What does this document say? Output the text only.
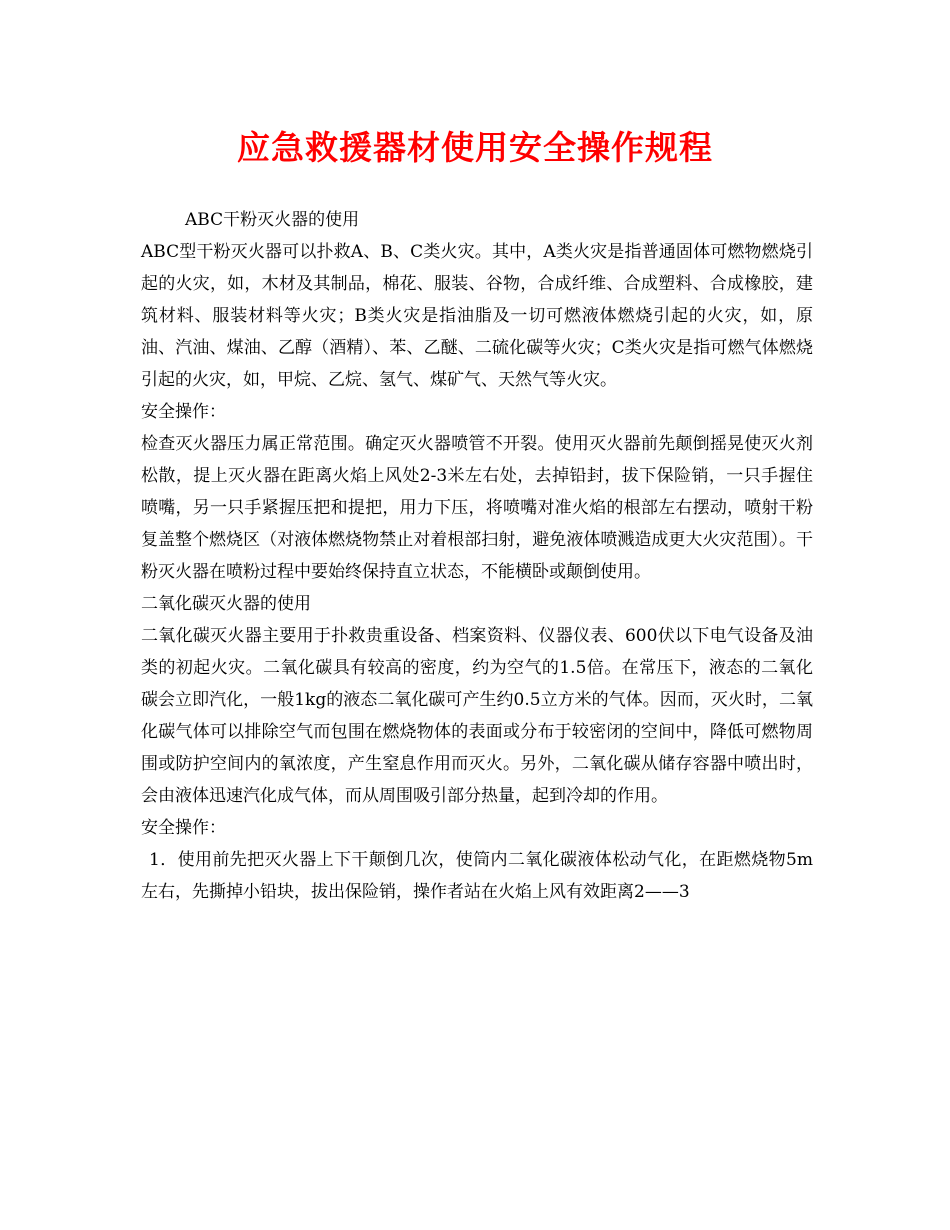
应急救援器材使用安全操作规程

ABC干粉灭火器的使用

ABC型干粉灭火器可以扑救A、B、C类火灾。其中，A类火灾是指普通固体可燃物燃烧引起的火灾，如，木材及其制品，棉花、服装、谷物，合成纤维、合成塑料、合成橡胶，建筑材料、服装材料等火灾；B类火灾是指油脂及一切可燃液体燃烧引起的火灾，如，原油、汽油、煤油、乙醇（酒精）、苯、乙醚、二硫化碳等火灾；C类火灾是指可燃气体燃烧引起的火灾，如，甲烷、乙烷、氢气、煤矿气、天然气等火灾。

安全操作：

检查灭火器压力属正常范围。确定灭火器喷管不开裂。使用灭火器前先颠倒摇晃使灭火剂松散，提上灭火器在距离火焰上风处2-3米左右处，去掉铅封，拔下保险销，一只手握住喷嘴，另一只手紧握压把和提把，用力下压，将喷嘴对准火焰的根部左右摆动，喷射干粉复盖整个燃烧区（对液体燃烧物禁止对着根部扫射，避免液体喷溅造成更大火灾范围）。干粉灭火器在喷粉过程中要始终保持直立状态，不能横卧或颠倒使用。

二氧化碳灭火器的使用

二氧化碳灭火器主要用于扑救贵重设备、档案资料、仪器仪表、600伏以下电气设备及油类的初起火灾。二氧化碳具有较高的密度，约为空气的1.5倍。在常压下，液态的二氧化碳会立即汽化，一般1kg的液态二氧化碳可产生约0.5立方米的气体。因而，灭火时，二氧化碳气体可以排除空气而包围在燃烧物体的表面或分布于较密闭的空间中，降低可燃物周围或防护空间内的氧浓度，产生窒息作用而灭火。另外，二氧化碳从储存容器中喷出时，会由液体迅速汽化成气体，而从周围吸引部分热量，起到冷却的作用。

安全操作：

1．使用前先把灭火器上下干颠倒几次，使筒内二氧化碳液体松动气化，在距燃烧物5m左右，先撕掉小铅块，拔出保险销，操作者站在火焰上风有效距离2——3
